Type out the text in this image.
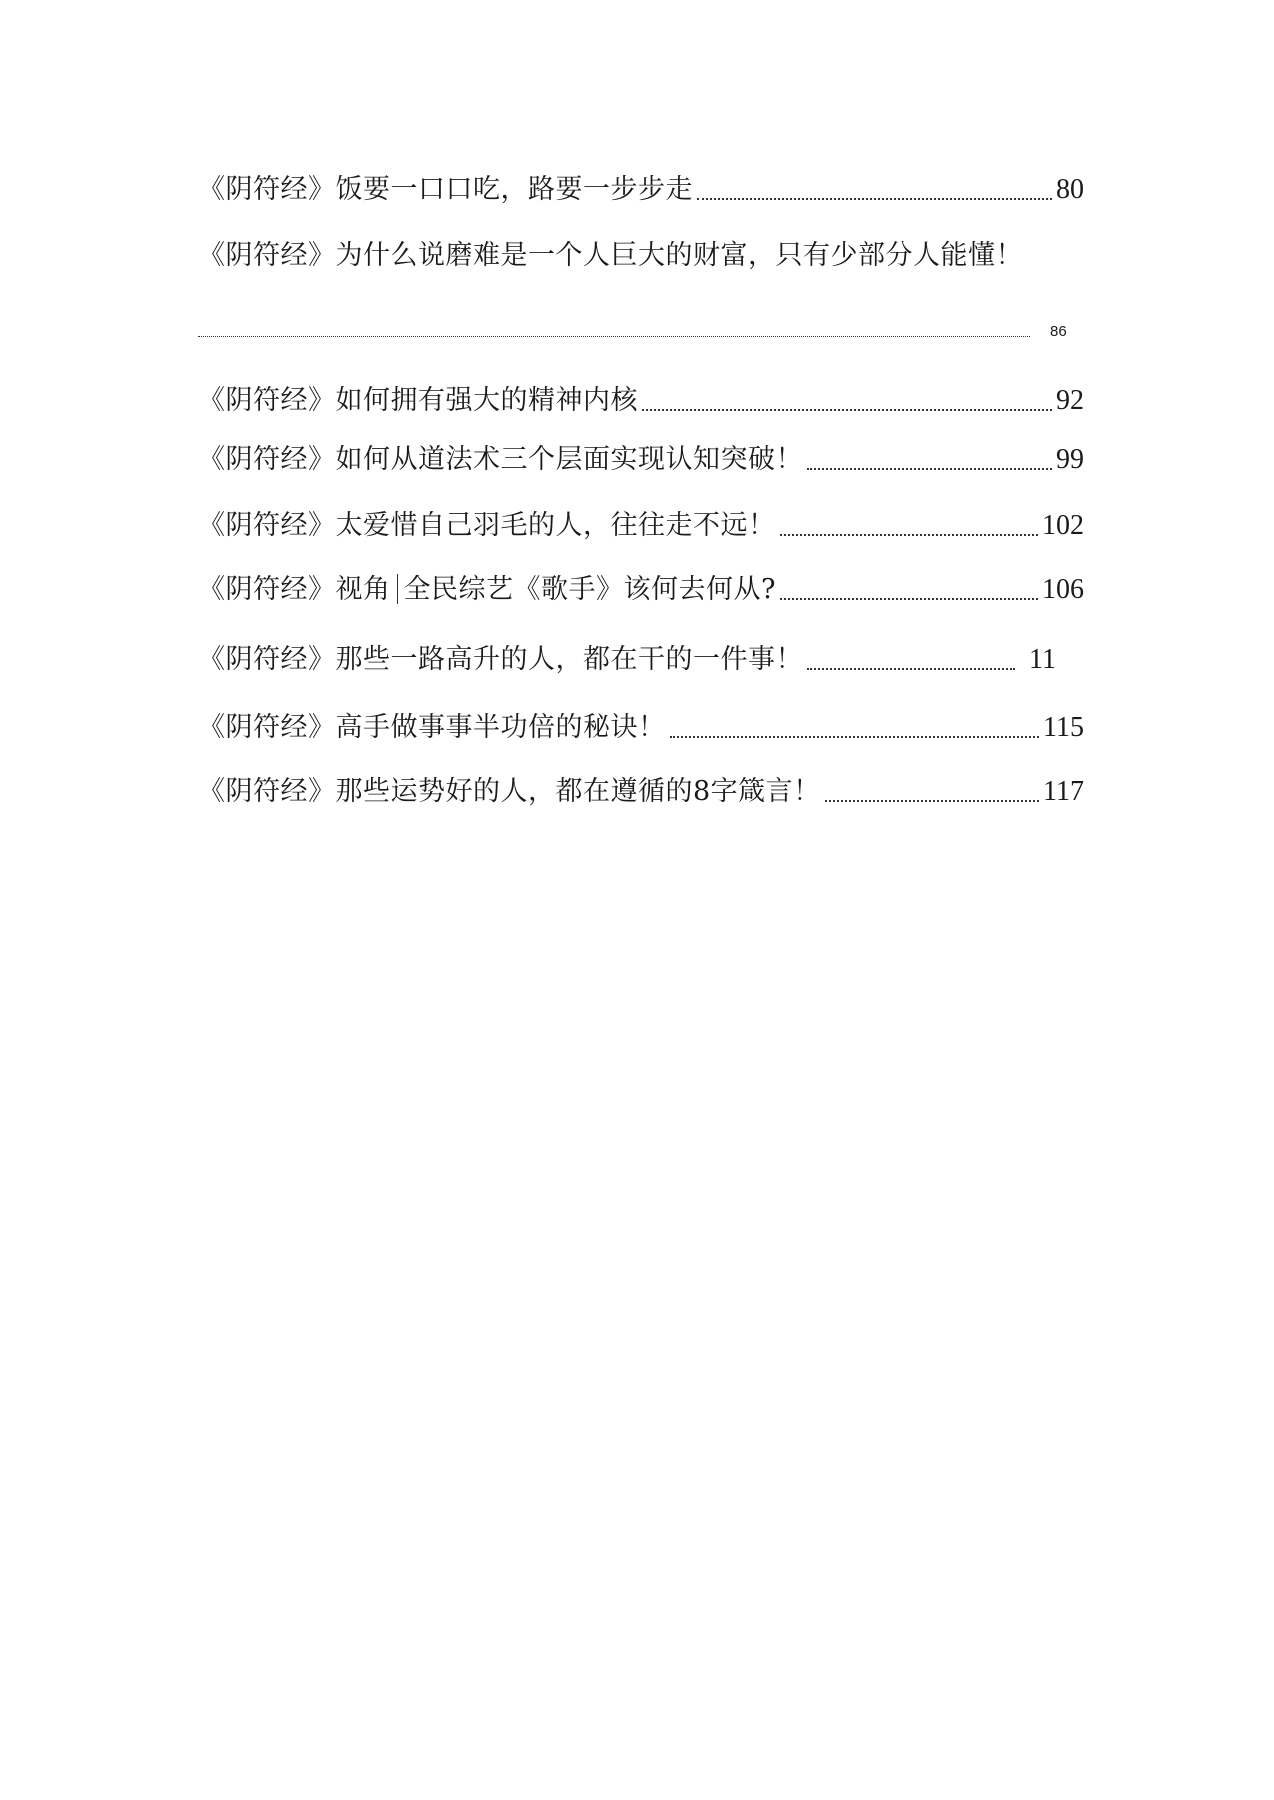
《阴符经》饭要一口口吃，路要一步步走	80
《阴符经》为什么说磨难是一个人巨大的财富，只有少部分人能懂！
86
《阴符经》如何拥有强大的精神内核	92
《阴符经》如何从道法术三个层面实现认知突破！	99
《阴符经》太爱惜自己羽毛的人，往往走不远！	102
《阴符经》视角 全民综艺《歌手》该何去何从?	106
《阴符经》那些一路高升的人，都在干的一件事！	11
《阴符经》高手做事事半功倍的秘诀！	115
《阴符经》那些运势好的人，都在遵循的8字箴言！	117
